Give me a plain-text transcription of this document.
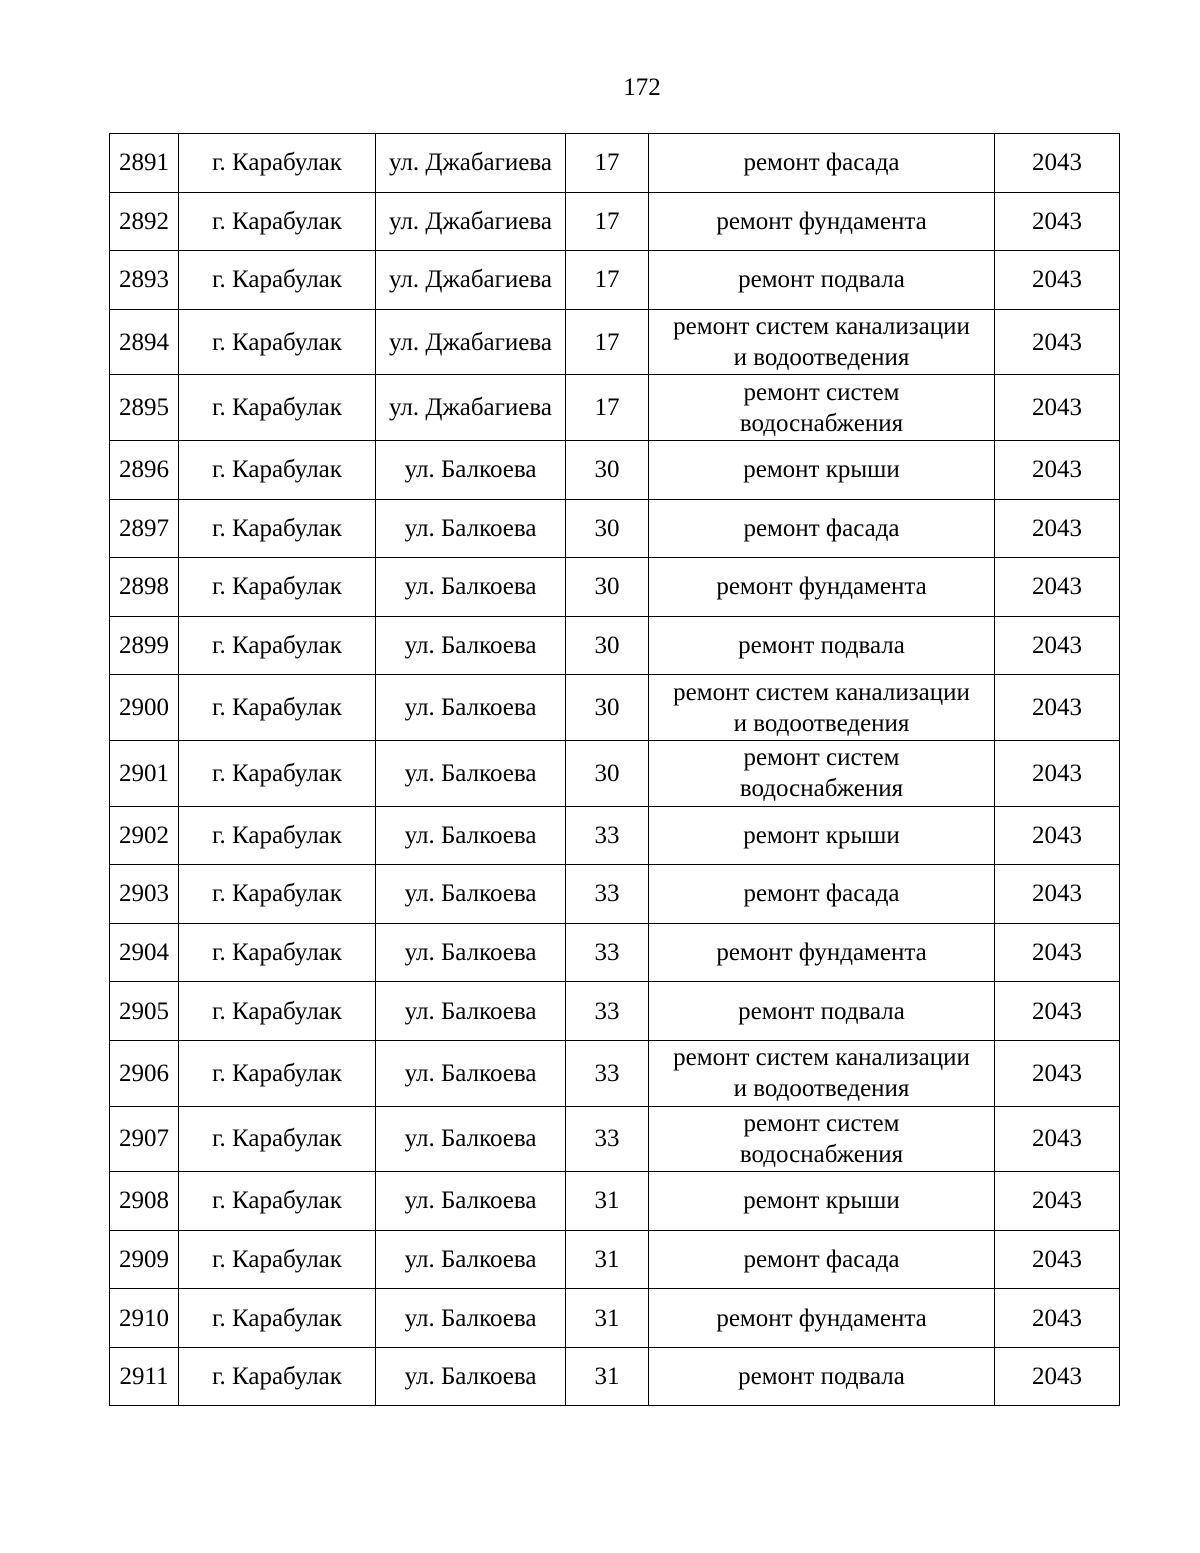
172
2891	г. Карабулак	ул. Джабагиева	17	ремонт фасада	2043
2892	г. Карабулак	ул. Джабагиева	17	ремонт фундамента	2043
2893	г. Карабулак	ул. Джабагиева	17	ремонт подвала	2043
2894	г. Карабулак	ул. Джабагиева	17	ремонт систем канализации
и водоотведения	2043
2895	г. Карабулак	ул. Джабагиева	17	ремонт систем
водоснабжения	2043
2896	г. Карабулак	ул. Балкоева	30	ремонт крыши	2043
2897	г. Карабулак	ул. Балкоева	30	ремонт фасада	2043
2898	г. Карабулак	ул. Балкоева	30	ремонт фундамента	2043
2899	г. Карабулак	ул. Балкоева	30	ремонт подвала	2043
2900	г. Карабулак	ул. Балкоева	30	ремонт систем канализации
и водоотведения	2043
2901	г. Карабулак	ул. Балкоева	30	ремонт систем
водоснабжения	2043
2902	г. Карабулак	ул. Балкоева	33	ремонт крыши	2043
2903	г. Карабулак	ул. Балкоева	33	ремонт фасада	2043
2904	г. Карабулак	ул. Балкоева	33	ремонт фундамента	2043
2905	г. Карабулак	ул. Балкоева	33	ремонт подвала	2043
2906	г. Карабулак	ул. Балкоева	33	ремонт систем канализации
и водоотведения	2043
2907	г. Карабулак	ул. Балкоева	33	ремонт систем
водоснабжения	2043
2908	г. Карабулак	ул. Балкоева	31	ремонт крыши	2043
2909	г. Карабулак	ул. Балкоева	31	ремонт фасада	2043
2910	г. Карабулак	ул. Балкоева	31	ремонт фундамента	2043
2911	г. Карабулак	ул. Балкоева	31	ремонт подвала	2043
